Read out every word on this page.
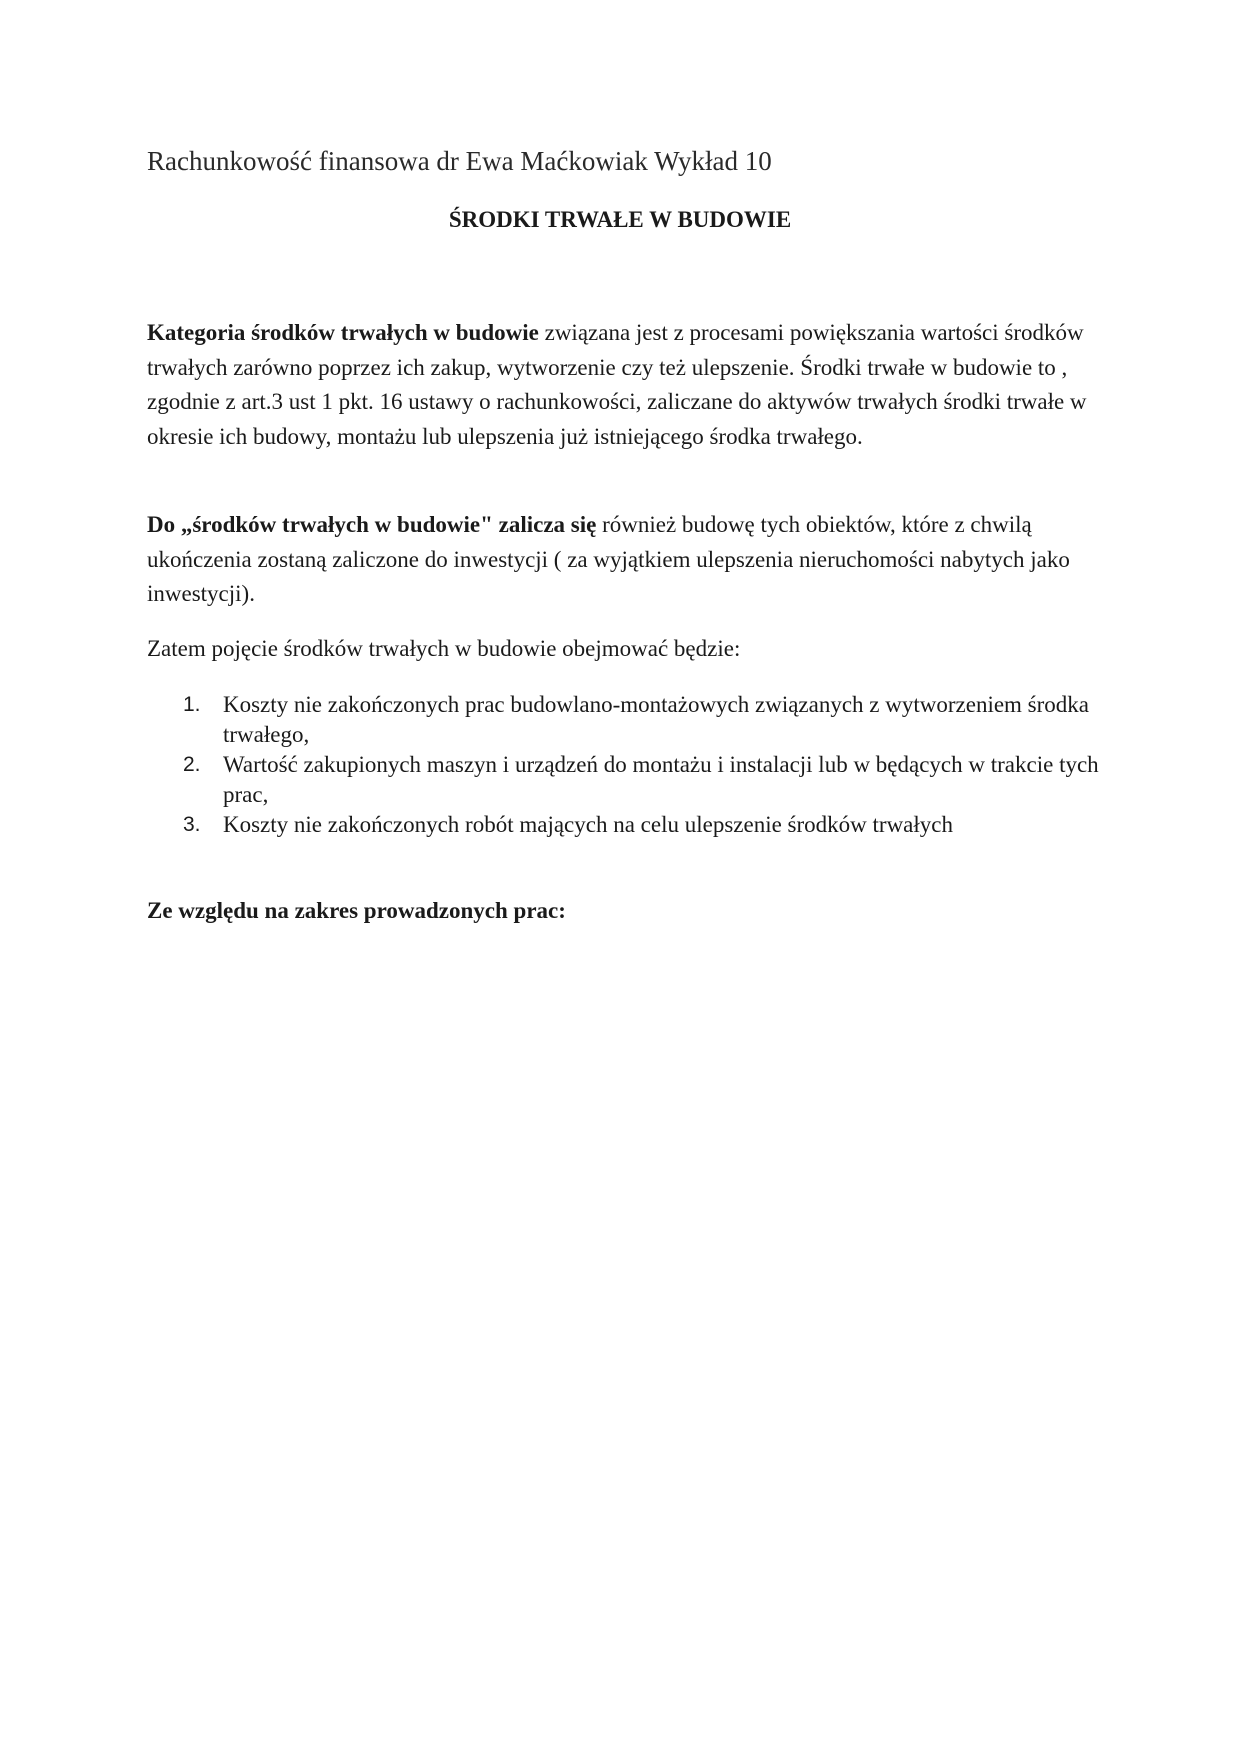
Rachunkowość finansowa dr Ewa Maćkowiak Wykład 10
ŚRODKI TRWAŁE W BUDOWIE

Kategoria środków trwałych w budowie związana jest z procesami powiększania wartości środków trwałych zarówno poprzez ich zakup, wytworzenie czy też ulepszenie. Środki trwałe w budowie to , zgodnie z art.3 ust 1 pkt. 16 ustawy o rachunkowości, zaliczane do aktywów trwałych środki trwałe w okresie ich budowy, montażu lub ulepszenia już istniejącego środka trwałego.

Do „środków trwałych w budowie" zalicza się również budowę tych obiektów, które z chwilą ukończenia zostaną zaliczone do inwestycji ( za wyjątkiem ulepszenia nieruchomości nabytych jako inwestycji).

Zatem pojęcie środków trwałych w budowie obejmować będzie:

1. Koszty nie zakończonych prac budowlano-montażowych związanych z wytworzeniem środka trwałego,
2. Wartość zakupionych maszyn i urządzeń do montażu i instalacji lub w będących w trakcie tych prac,
3. Koszty nie zakończonych robót mających na celu ulepszenie środków trwałych
Ze względu na zakres prowadzonych prac:
